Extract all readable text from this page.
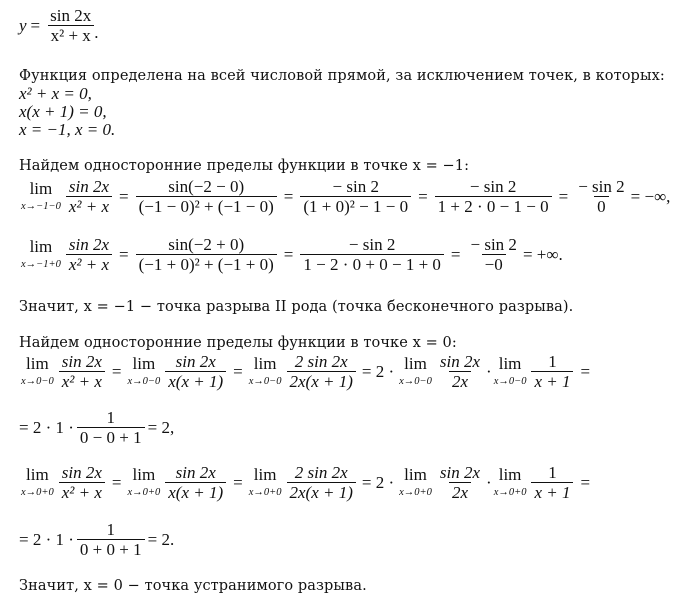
$y = \frac{\sin 2x}{\text{x² + x}}$ .
Функция определена на всей числовой прямой, за исключением точек, в которых:
x² + x = 0,
x(x + 1) = 0,
x = −1, x = 0.
Найдем односторонние пределы функции в точке x = −1:
lim
$x\to-1-0 \frac{\sin 2x}{\text{x² + x}} = \frac{\sin(-2 - 0)}{\text{(−1 − 0)² + (−1 − 0)}} = \frac{- \sin 2}{\text{(1 + 0)² − 1 − 0}} = \frac{- \sin 2}{1 + 2 \cdot 0 - 1 - 0} = \frac{- \sin 2}{0}$ = −∞,
lim
$x\to-1+0 \frac{\sin 2x}{\text{x² + x}} = \frac{\sin(-2 + 0)}{\text{(−1 + 0)² + (−1 + 0)}} = \frac{- \sin 2}{1 - 2 \cdot 0 + 0 - 1 + 0} = \frac{- \sin 2}{-0}$ = +∞.
Значит, x = −1 − точка разрыва II рода (точка бесконечного разрыва).
Найдем односторонние пределы функции в точке x = 0:
lim
$x\to 0-0 \frac{\sin 2x}{\text{x² + x}} = \lim$
$x\to 0-0 \frac{\sin 2x}{x(x + 1)} = \lim$
$x\to 0-0 \frac{2 \sin 2x}{2x(x + 1)} = 2 \cdot \lim$
$x\to 0-0 \frac{\sin 2x}{2x} \cdot \lim$
$x\to 0-0 \frac{1}{x + 1}$ =
= $2 \cdot 1 \cdot \frac{1}{0 - 0 + 1} = 2$,
lim
$x\to 0+0 \frac{\sin 2x}{\text{x² + x}} = \lim$
$x\to 0+0 \frac{\sin 2x}{x(x + 1)} = \lim$
$x\to 0+0 \frac{2 \sin 2x}{2x(x + 1)} = 2 \cdot \lim$
$x\to 0+0 \frac{\sin 2x}{2x} \cdot \lim$
$x\to 0+0 \frac{1}{x + 1}$ =
= $2 \cdot 1 \cdot \frac{1}{0 + 0 + 1} = 2$.
Значит, x = 0 − точка устранимого разрыва.
